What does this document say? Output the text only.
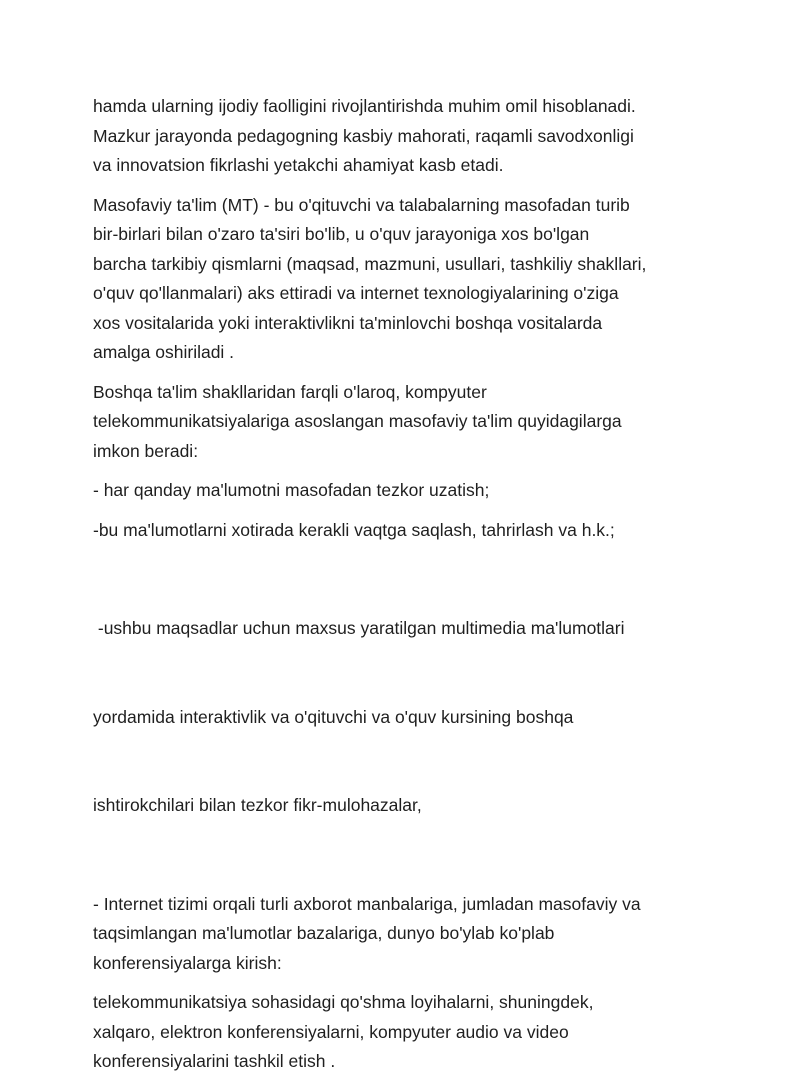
hamda ularning ijodiy faolligini rivojlantirishda muhim omil hisoblanadi.
Mazkur jarayonda pedagogning kasbiy mahorati, raqamli savodxonligi
va innovatsion fikrlashi yetakchi ahamiyat kasb etadi.

Masofaviy ta'lim (MT) - bu o'qituvchi va talabalarning masofadan turib
bir-birlari bilan o'zaro ta'siri bo'lib, u o'quv jarayoniga xos bo'lgan
barcha tarkibiy qismlarni (maqsad, mazmuni, usullari, tashkiliy shakllari,
o'quv qo'llanmalari) aks ettiradi va internet texnologiyalarining o'ziga
xos vositalarida yoki interaktivlikni ta'minlovchi boshqa vositalarda
amalga oshiriladi .

Boshqa ta'lim shakllaridan farqli o'laroq, kompyuter
telekommunikatsiyalariga asoslangan masofaviy ta'lim quyidagilarga
imkon beradi:

- har qanday ma'lumotni masofadan tezkor uzatish;

-bu ma'lumotlarni xotirada kerakli vaqtga saqlash, tahrirlash va h.k.;

-ushbu maqsadlar uchun maxsus yaratilgan multimedia ma'lumotlari

yordamida interaktivlik va o'qituvchi va o'quv kursining boshqa

ishtirokchilari bilan tezkor fikr-mulohazalar,

- Internet tizimi orqali turli axborot manbalariga, jumladan masofaviy va
taqsimlangan ma'lumotlar bazalariga, dunyo bo'ylab ko'plab
konferensiyalarga kirish:

telekommunikatsiya sohasidagi qo'shma loyihalarni, shuningdek,
xalqaro, elektron konferensiyalarni, kompyuter audio va video
konferensiyalarini tashkil etish .
